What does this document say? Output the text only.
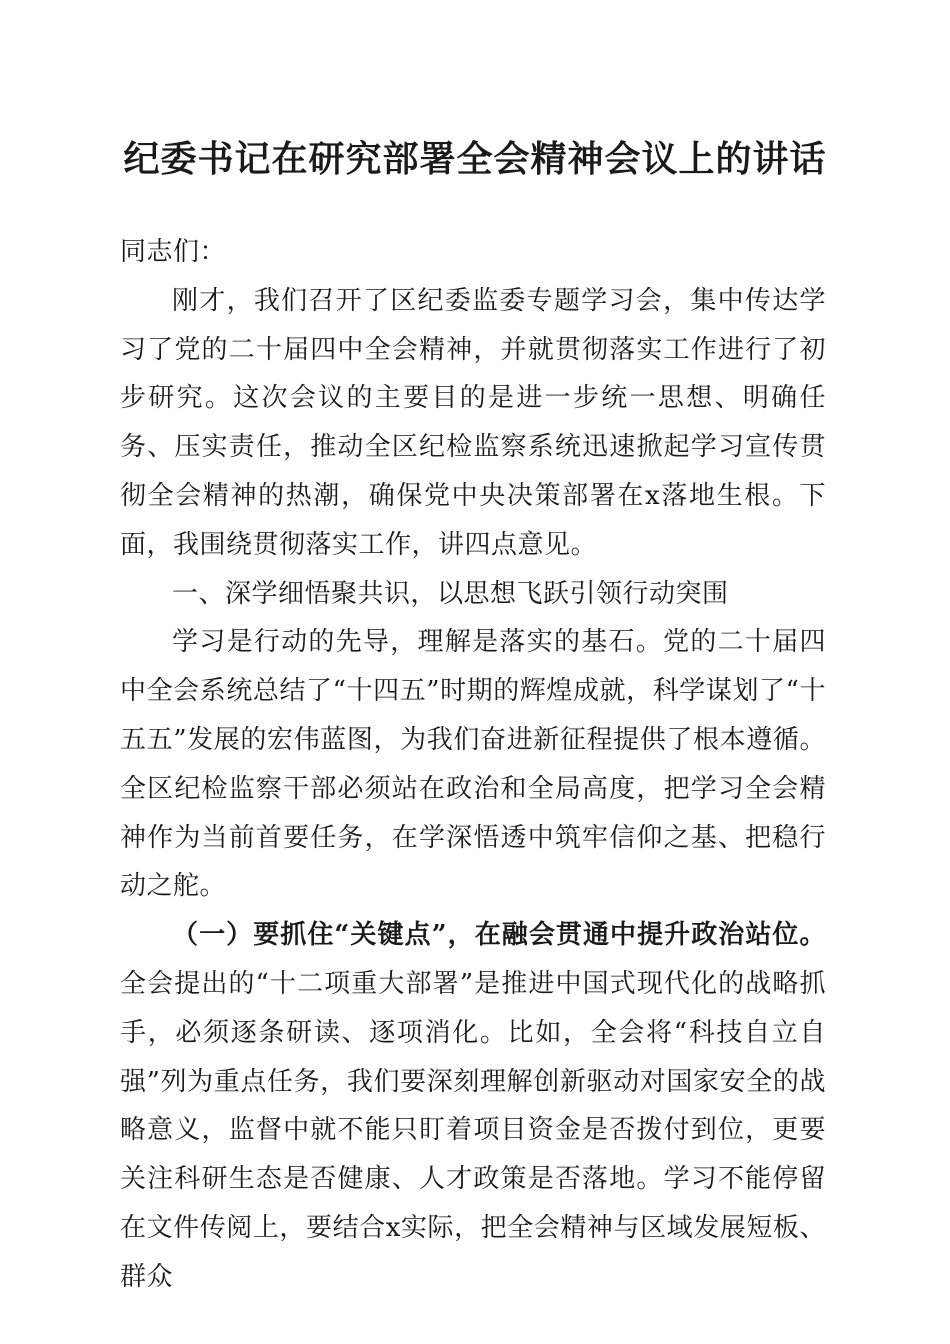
纪委书记在研究部署全会精神会议上的讲话

同志们：

刚才，我们召开了区纪委监委专题学习会，集中传达学习了党的二十届四中全会精神，并就贯彻落实工作进行了初步研究。这次会议的主要目的是进一步统一思想、明确任务、压实责任，推动全区纪检监察系统迅速掀起学习宣传贯彻全会精神的热潮，确保党中央决策部署在x落地生根。下面，我围绕贯彻落实工作，讲四点意见。

一、深学细悟聚共识，以思想飞跃引领行动突围

学习是行动的先导，理解是落实的基石。党的二十届四中全会系统总结了“十四五”时期的辉煌成就，科学谋划了“十五五”发展的宏伟蓝图，为我们奋进新征程提供了根本遵循。全区纪检监察干部必须站在政治和全局高度，把学习全会精神作为当前首要任务，在学深悟透中筑牢信仰之基、把稳行动之舵。

（一）要抓住“关键点”，在融会贯通中提升政治站位。全会提出的“十二项重大部署”是推进中国式现代化的战略抓手，必须逐条研读、逐项消化。比如，全会将“科技自立自强”列为重点任务，我们要深刻理解创新驱动对国家安全的战略意义，监督中就不能只盯着项目资金是否拨付到位，更要关注科研生态是否健康、人才政策是否落地。学习不能停留在文件传阅上，要结合x实际，把全会精神与区域发展短板、群众
